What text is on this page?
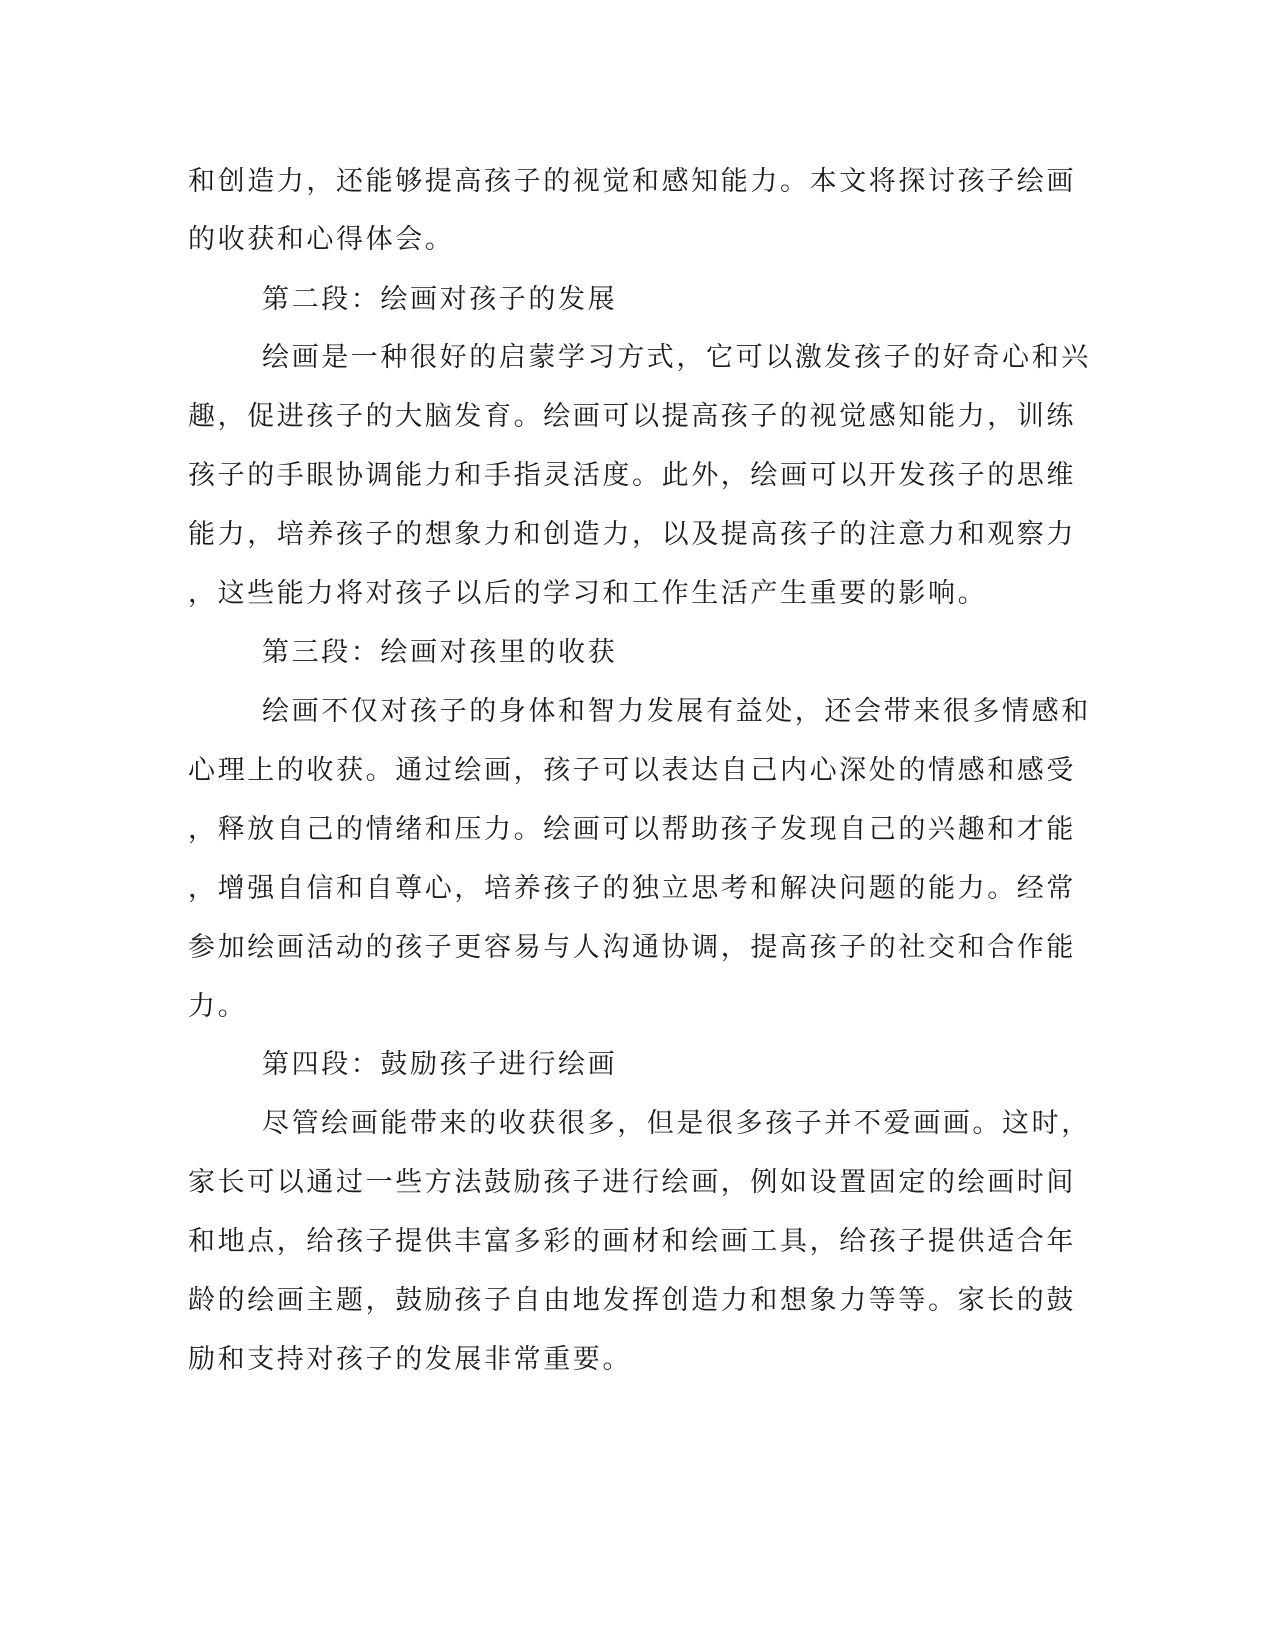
和创造力，还能够提高孩子的视觉和感知能力。本文将探讨孩子绘画
的收获和心得体会。
第二段：绘画对孩子的发展
绘画是一种很好的启蒙学习方式，它可以激发孩子的好奇心和兴
趣，促进孩子的大脑发育。绘画可以提高孩子的视觉感知能力，训练
孩子的手眼协调能力和手指灵活度。此外，绘画可以开发孩子的思维
能力，培养孩子的想象力和创造力，以及提高孩子的注意力和观察力
，这些能力将对孩子以后的学习和工作生活产生重要的影响。
第三段：绘画对孩里的收获
绘画不仅对孩子的身体和智力发展有益处，还会带来很多情感和
心理上的收获。通过绘画，孩子可以表达自己内心深处的情感和感受
，释放自己的情绪和压力。绘画可以帮助孩子发现自己的兴趣和才能
，增强自信和自尊心，培养孩子的独立思考和解决问题的能力。经常
参加绘画活动的孩子更容易与人沟通协调，提高孩子的社交和合作能
力。
第四段：鼓励孩子进行绘画
尽管绘画能带来的收获很多，但是很多孩子并不爱画画。这时，
家长可以通过一些方法鼓励孩子进行绘画，例如设置固定的绘画时间
和地点，给孩子提供丰富多彩的画材和绘画工具，给孩子提供适合年
龄的绘画主题，鼓励孩子自由地发挥创造力和想象力等等。家长的鼓
励和支持对孩子的发展非常重要。
